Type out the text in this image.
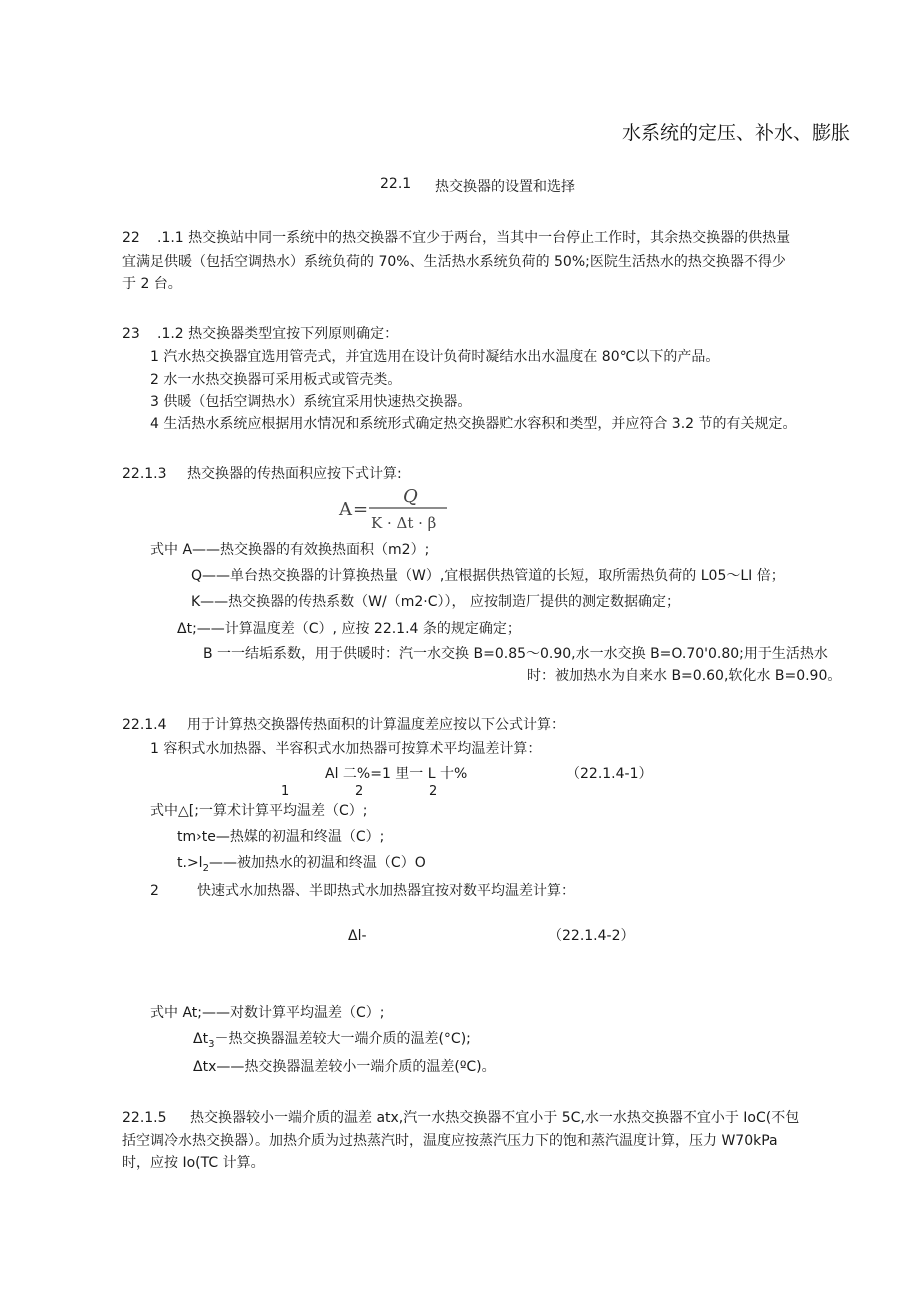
水系统的定压、补水、膨胀
22.1 热交换器的设置和选择
22 .1.1 热交换站中同一系统中的热交换器不宜少于两台，当其中一台停止工作时，其余热交换器的供热量
宜满足供暖（包括空调热水）系统负荷的 70%、生活热水系统负荷的 50%;医院生活热水的热交换器不得少
于 2 台。
23 .1.2 热交换器类型宜按下列原则确定：
1 汽水热交换器宜选用管壳式，并宜选用在设计负荷时凝结水出水温度在 80℃以下的产品。
2 水一水热交换器可采用板式或管壳类。
3 供暖（包括空调热水）系统宜采用快速热交换器。
4 生活热水系统应根据用水情况和系统形式确定热交换器贮水容积和类型，并应符合 3.2 节的有关规定。
22.1.3 热交换器的传热面积应按下式计算:
A =
Q
K · Δt · β
式中 A——热交换器的有效换热面积（m2）;
Q——单台热交换器的计算换热量（W）,宜根据供热管道的长短，取所需热负荷的 L05～LI 倍；
K——热交换器的传热系数（W/（m2·C））， 应按制造厂提供的测定数据确定；
Δt;——计算温度差（C）, 应按 22.1.4 条的规定确定；
B 一一结垢系数，用于供暖时：汽一水交换 B=0.85～0.90,水一水交换 B=O.70'0.80;用于生活热水
时：被加热水为自来水 B=0.60,软化水 B=0.90。
22.1.4 用于计算热交换器传热面积的计算温度差应按以下公式计算：
1 容积式水加热器、半容积式水加热器可按算术平均温差计算：
Al 二%=1 里一 L 十%	（22.1.4-1）
1	2	2
式中△[;一算术计算平均温差（C）;
tm›te—热媒的初温和终温（C）;
$t.>l_2——$被加热水的初温和终温（C）O
2	快速式水加热器、半即热式水加热器宜按对数平均温差计算：
Δl-	（22.1.4-2）
式中 At;——对数计算平均温差（C）;
$\Delta t_3-$热交换器温差较大一端介质的温差(°C);
Δtx——热交换器温差较小一端介质的温差(ºC)。
22.1.5 热交换器较小一端介质的温差 atx,汽一水热交换器不宜小于 5C,水一水热交换器不宜小于 IoC(不包
括空调冷水热交换器）。加热介质为过热蒸汽时，温度应按蒸汽压力下的饱和蒸汽温度计算，压力 W70kPa
时，应按 Io(TC 计算。
